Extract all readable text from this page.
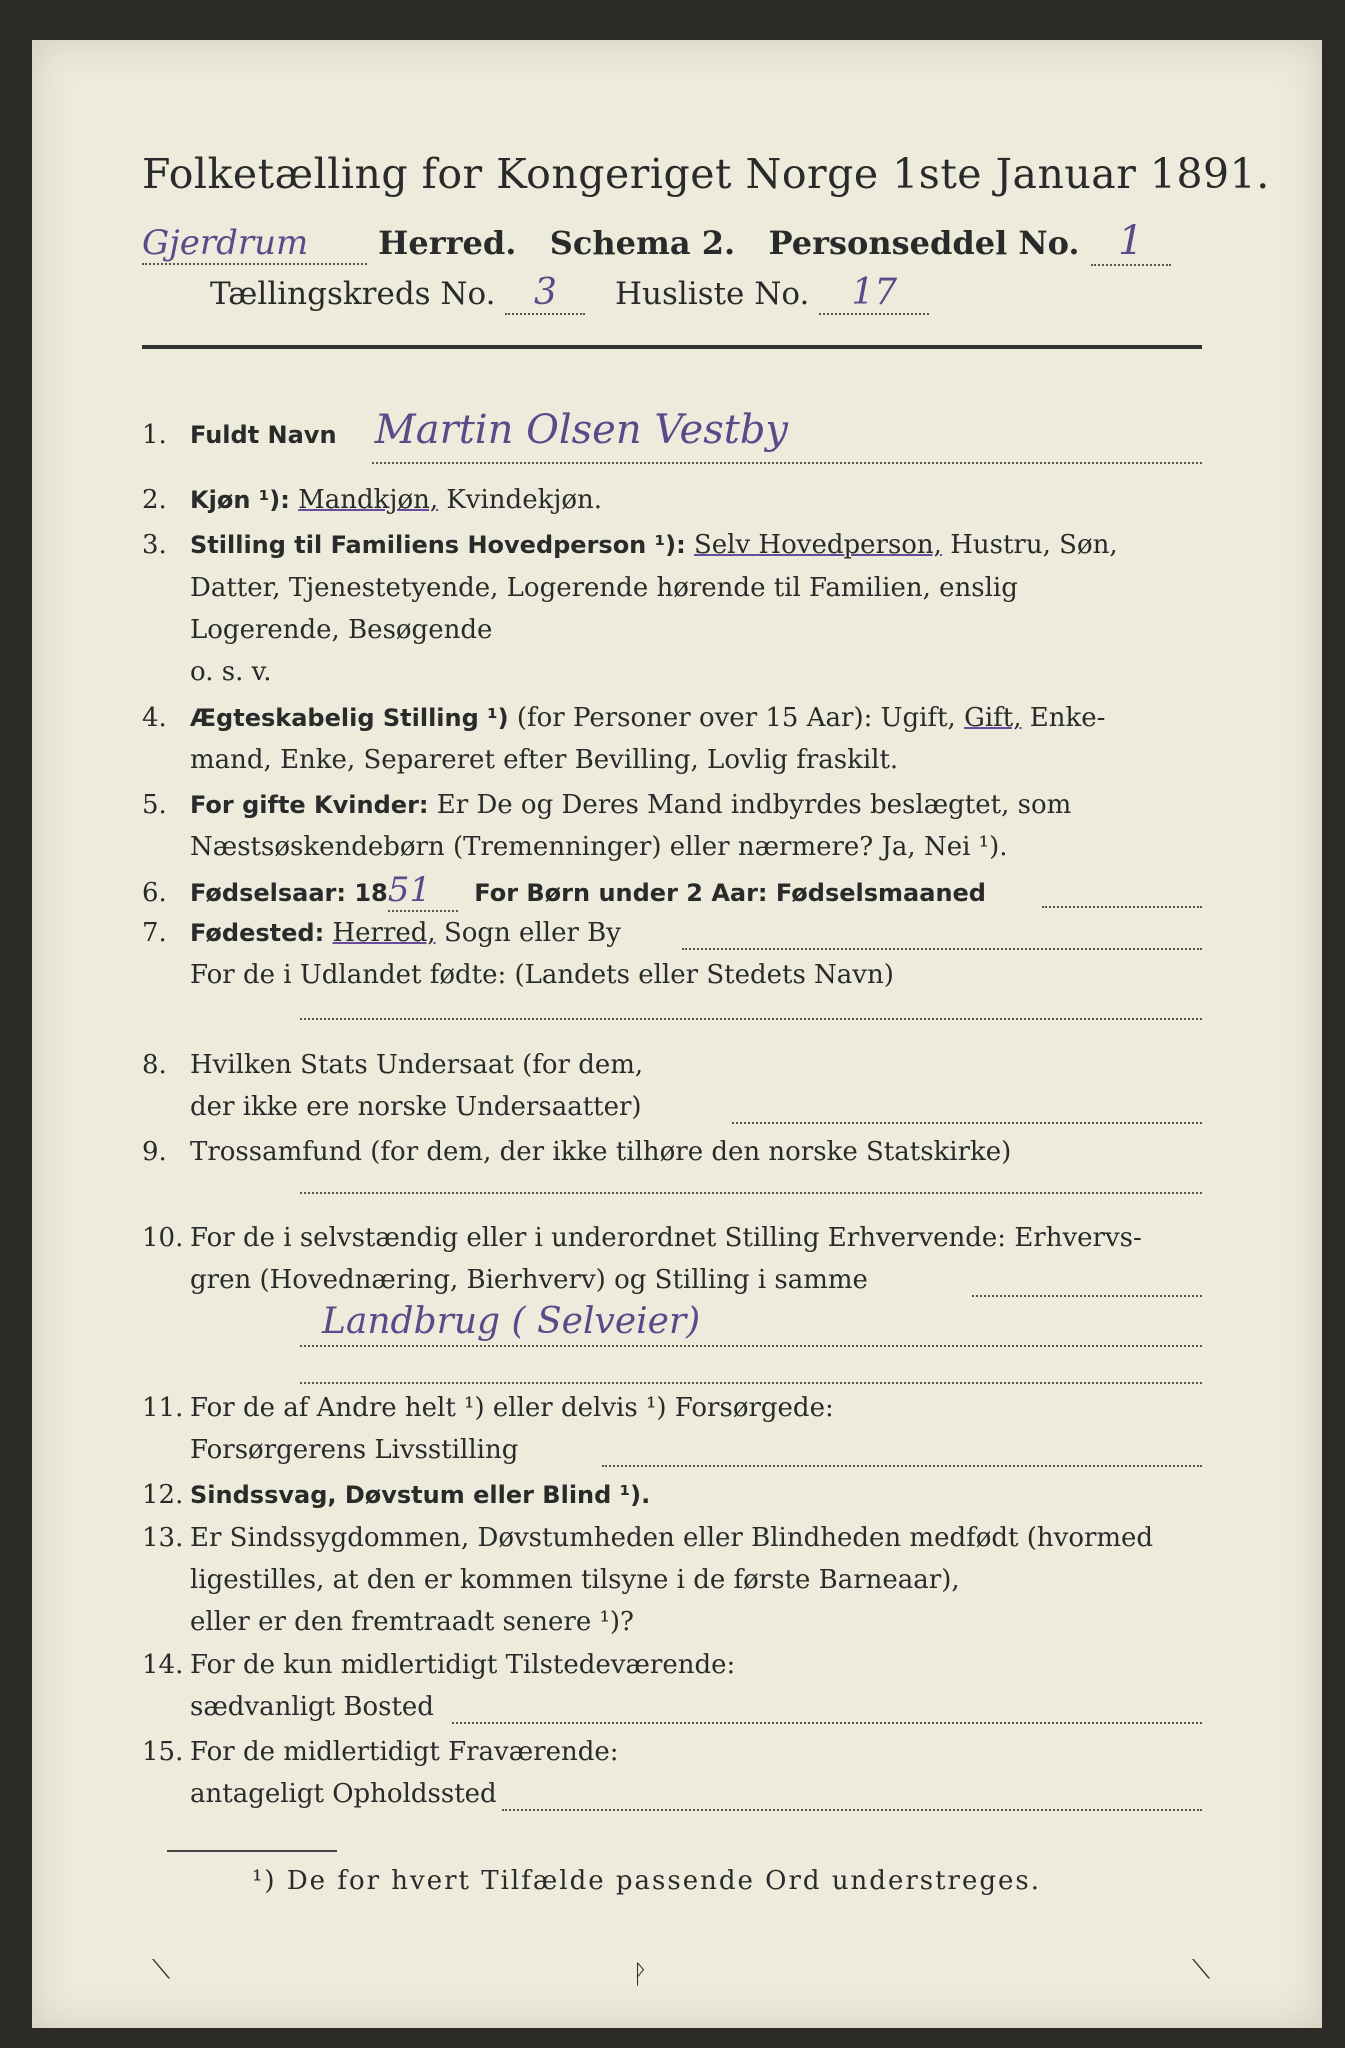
Folketælling for Kongeriget Norge 1ste Januar 1891.
Gjerdrum Herred. Schema 2. Personseddel No. 1
Tællingskreds No. 3 Husliste No. 17
1. Fuldt Navn Martin Olsen Vestby
2. Kjøn ¹): Mandkjøn, Kvindekjøn.
3. Stilling til Familiens Hovedperson ¹): Selv Hovedperson, Hustru, Søn,
Datter, Tjenestetyende, Logerende hørende til Familien, enslig
Logerende, Besøgende
o. s. v.
4. Ægteskabelig Stilling ¹) (for Personer over 15 Aar): Ugift, Gift, Enke-
mand, Enke, Separeret efter Bevilling, Lovlig fraskilt.
5. For gifte Kvinder: Er De og Deres Mand indbyrdes beslægtet, som
Næstsøskendebørn (Tremenninger) eller nærmere? Ja, Nei ¹).
6. Fødselsaar: 1851 For Børn under 2 Aar: Fødselsmaaned
7. Fødested: Herred, Sogn eller By
For de i Udlandet fødte: (Landets eller Stedets Navn)
8. Hvilken Stats Undersaat (for dem,
der ikke ere norske Undersaatter)
9. Trossamfund (for dem, der ikke tilhøre den norske Statskirke)
10. For de i selvstændig eller i underordnet Stilling Erhvervende: Erhvervs-
gren (Hovednæring, Bierhverv) og Stilling i samme
Landbrug ( Selveier)
11. For de af Andre helt ¹) eller delvis ¹) Forsørgede:
Forsørgerens Livsstilling
12. Sindssvag, Døvstum eller Blind ¹).
13. Er Sindssygdommen, Døvstumheden eller Blindheden medfødt (hvormed
ligestilles, at den er kommen tilsyne i de første Barneaar),
eller er den fremtraadt senere ¹)?
14. For de kun midlertidigt Tilstedeværende:
sædvanligt Bosted
15. For de midlertidigt Fraværende:
antageligt Opholdssted
¹) De for hvert Tilfælde passende Ord understreges.
⟍	ᚹ	⟍
